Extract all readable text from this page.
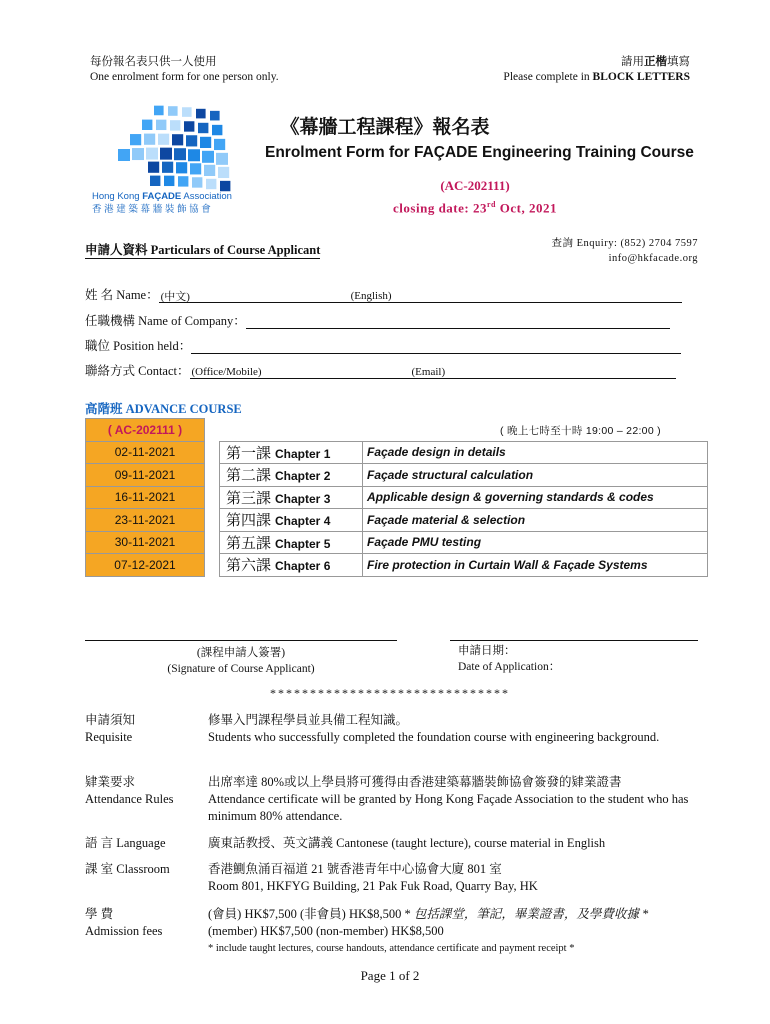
每份報名表只供一人使用
One enrolment form for one person only.
請用正楷填寫
Please complete in BLOCK LETTERS
Hong Kong FAÇADE Association
香 港 建 築 幕 牆 裝 飾 協 會
《幕牆工程課程》報名表
Enrolment Form for FAÇADE Engineering Training Course
(AC-202111)
closing date: 23rd Oct, 2021
申請人資料 Particulars of Course Applicant	查詢 Enquiry: (852) 2704 7597
info@hkfacade.org
姓 名 Name： (中文)	(English)
任職機構 Name of Company：
職位 Position held：
聯絡方式 Contact： (Office/Mobile)	(Email)
高階班 ADVANCE COURSE
( 晚上七時至十時 19:00 – 22:00 )
( AC-202111 )			
02-11-2021		第一課 Chapter 1	Façade design in details
09-11-2021		第二課 Chapter 2	Façade structural calculation
16-11-2021		第三課 Chapter 3	Applicable design & governing standards & codes
23-11-2021		第四課 Chapter 4	Façade material & selection
30-11-2021		第五課 Chapter 5	Façade PMU testing
07-12-2021		第六課 Chapter 6	Fire protection in Curtain Wall & Façade Systems
(課程申請人簽署)
(Signature of Course Applicant)
申請日期：
Date of Application：
******************************
申請須知
Requisite
修畢入門課程學員並具備工程知識。
Students who successfully completed the foundation course with engineering background.
肄業要求
Attendance Rules
出席率達 80%或以上學員將可獲得由香港建築幕牆裝飾協會簽發的肄業證書
Attendance certificate will be granted by Hong Kong Façade Association to the student who has minimum 80% attendance.
語 言 Language	廣東話教授、英文講義 Cantonese (taught lecture), course material in English
課 室 Classroom	香港鰂魚涌百福道 21 號香港青年中心協會大廈 801 室
Room 801, HKFYG Building, 21 Pak Fuk Road, Quarry Bay, HK
學 費
Admission fees
(會員) HK$7,500 (非會員) HK$8,500 * 包括課堂，筆記，畢業證書，及學費收據 *
(member) HK$7,500 (non-member) HK$8,500
* include taught lectures, course handouts, attendance certificate and payment receipt *
Page 1 of 2
